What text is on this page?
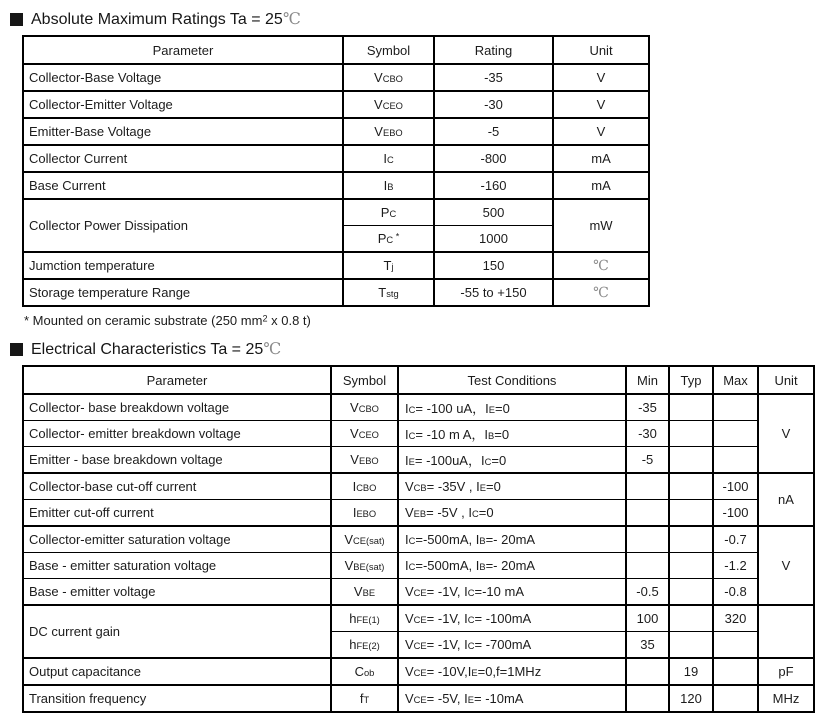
Absolute Maximum Ratings Ta = 25℃
Parameter	Symbol	Rating	Unit
Collector-Base Voltage	VCBO	-35	V
Collector-Emitter Voltage	VCEO	-30	V
Emitter-Base Voltage	VEBO	-5	V
Collector Current	IC	-800	mA
Base Current	IB	-160	mA
Collector Power Dissipation	PC	500	mW
	PC *	1000	
Jumction temperature	Tj	150	℃
Storage temperature Range	Tstg	-55 to +150	℃
* Mounted on ceramic substrate (250 $mm^2$ x 0.8 t)
Electrical Characteristics Ta = 25℃
Parameter	Symbol	Test Conditions	Min	Typ	Max	Unit
Collector- base breakdown voltage	VCBO	IC= -100 uA，IE=0	-35			V
Collector- emitter breakdown voltage	VCEO	IC= -10 m A，IB=0	-30			
Emitter - base breakdown voltage	VEBO	IE= -100uA，IC=0	-5			
Collector-base cut-off current	ICBO	VCB= -35V , IE=0			-100	nA
Emitter cut-off current	IEBO	VEB= -5V , IC=0			-100	
Collector-emitter saturation voltage	VCE(sat)	IC=-500mA, IB=- 20mA			-0.7	V
Base - emitter saturation voltage	VBE(sat)	IC=-500mA, IB=- 20mA			-1.2	
Base - emitter voltage	VBE	VCE= -1V, IC=-10 mA	-0.5		-0.8	
DC current gain	hFE(1)	VCE= -1V, IC= -100mA	100		320	
	hFE(2)	VCE= -1V, IC= -700mA	35			
Output capacitance	Cob	VCE= -10V,IE=0,f=1MHz		19		pF
Transition frequency	fT	VCE= -5V, IE= -10mA		120		MHz
